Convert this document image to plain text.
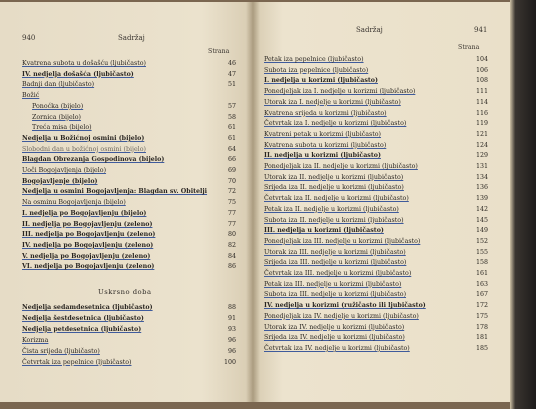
940	Sadržaj
Strana
Kvatrena subota u došašću (ljubičasto)	46
IV. nedjelja došašća (ljubičasto)	47
Badnji dan (ljubičasto)	51
Božić
Ponoćka (bijelo)	57
Zornica (bijelo)	58
Treća misa (bijelo)	61
Nedjelja u Božićnoj osmini (bijelo)	61
Slobodni dan u božićnoj osmini (bijelo)	64
Blagdan Obrezanja Gospodinova (bijelo)	66
Uoči Bogojavljenja (bijelo)	69
Bogojavljenje (bijelo)	70
Nedjelja u osmini Bogojavljenja: Blagdan sv. Obitelji	72
Na osminu Bogojavljenja (bijelo)	75
I. nedjelja po Bogojavljenju (bijelo)	77
II. nedjelja po Bogojavljenju (zeleno)	77
III. nedjelja po Bogojavljenju (zeleno)	80
IV. nedjelja po Bogojavljenju (zeleno)	82
V. nedjelja po Bogojavljenju (zeleno)	84
VI. nedjelja po Bogojavljenju (zeleno)	86
Uskrsno doba
Nedjelja sedamdesetnica (ljubičasto)	88
Nedjelja šestdesetnica (ljubičasto)	91
Nedjelja petdesetnica (ljubičasto)	93
Korizma	96
Čista srijeda (ljubičasto)	96
Četvrtak iza pepelnice (ljubičasto)	100
Sadržaj	941
Strana
Petak iza pepelnice (ljubičasto)	104
Subota iza pepelnice (ljubičasto)	106
I. nedjelja u korizmi (ljubičasto)	108
Ponedjeljak iza I. nedjelje u korizmi (ljubičasto)	111
Utorak iza I. nedjelje u korizmi (ljubičasto)	114
Kvatrena srijeda u korizmi (ljubičasto)	116
Četvrtak iza I. nedjelje u korizmi (ljubičasto)	119
Kvatreni petak u korizmi (ljubičasto)	121
Kvatrena subota u korizmi (ljubičasto)	124
II. nedjelja u korizmi (ljubičasto)	129
Ponedjeljak iza II. nedjelje u korizmi (ljubičasto)	131
Utorak iza II. nedjelje u korizmi (ljubičasto)	134
Srijeda iza II. nedjelje u korizmi (ljubičasto)	136
Četvrtak iza II. nedjelje u korizmi (ljubičasto)	139
Petak iza II. nedjelje u korizmi (ljubičasto)	142
Subota iza II. nedjelje u korizmi (ljubičasto)	145
III. nedjelja u korizmi (ljubičasto)	149
Ponedjeljak iza III. nedjelje u korizmi (ljubičasto)	152
Utorak iza III. nedjelje u korizmi (ljubičasto)	155
Srijeda iza III. nedjelje u korizmi (ljubičasto)	158
Četvrtak iza III. nedjelje u korizmi (ljubičasto)	161
Petak iza III. nedjelje u korizmi (ljubičasto)	163
Subota iza III. nedjelje u korizmi (ljubičasto)	167
IV. nedjelja u korizmi (ružičasto ili ljubičasto)	172
Ponedjeljak iza IV. nedjelje u korizmi (ljubičasto)	175
Utorak iza IV. nedjelje u korizmi (ljubičasto)	178
Srijeda iza IV. nedjelje u korizmi (ljubičasto)	181
Četvrtak iza IV. nedjelje u korizmi (ljubičasto)	185
